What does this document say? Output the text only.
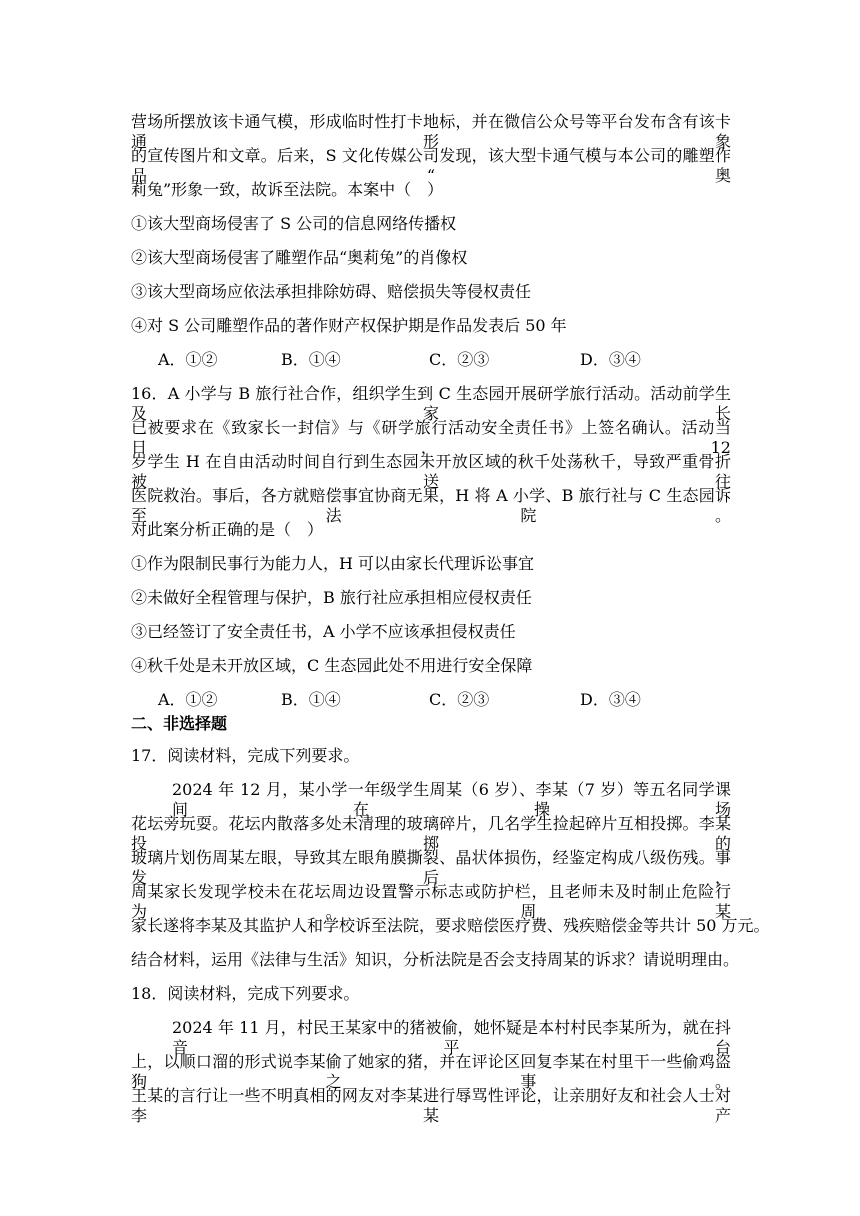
营场所摆放该卡通气模，形成临时性打卡地标，并在微信公众号等平台发布含有该卡通形象
的宣传图片和文章。后来，S 文化传媒公司发现，该大型卡通气模与本公司的雕塑作品“奥
莉兔”形象一致，故诉至法院。本案中（　）
①该大型商场侵害了 S 公司的信息网络传播权
②该大型商场侵害了雕塑作品“奥莉兔”的肖像权
③该大型商场应依法承担排除妨碍、赔偿损失等侵权责任
④对 S 公司雕塑作品的著作财产权保护期是作品发表后 50 年
A．①②	B．①④	C．②③	D．③④
16．A 小学与 B 旅行社合作，组织学生到 C 生态园开展研学旅行活动。活动前学生及家长
已被要求在《致家长一封信》与《研学旅行活动安全责任书》上签名确认。活动当日，12
岁学生 H 在自由活动时间自行到生态园未开放区域的秋千处荡秋千，导致严重骨折被送往
医院救治。事后，各方就赔偿事宜协商无果，H 将 A 小学、B 旅行社与 C 生态园诉至法院。
对此案分析正确的是（　）
①作为限制民事行为能力人，H 可以由家长代理诉讼事宜
②未做好全程管理与保护，B 旅行社应承担相应侵权责任
③已经签订了安全责任书，A 小学不应该承担侵权责任
④秋千处是未开放区域，C 生态园此处不用进行安全保障
A．①②	B．①④	C．②③	D．③④
二、非选择题
17．阅读材料，完成下列要求。
2024 年 12 月，某小学一年级学生周某（6 岁）、李某（7 岁）等五名同学课间在操场
花坛旁玩耍。花坛内散落多处未清理的玻璃碎片，几名学生捡起碎片互相投掷。李某投掷的
玻璃片划伤周某左眼，导致其左眼角膜撕裂、晶状体损伤，经鉴定构成八级伤残。事发后，
周某家长发现学校未在花坛周边设置警示标志或防护栏，且老师未及时制止危险行为。周某
家长遂将李某及其监护人和学校诉至法院，要求赔偿医疗费、残疾赔偿金等共计 50 万元。
结合材料，运用《法律与生活》知识，分析法院是否会支持周某的诉求？请说明理由。
18．阅读材料，完成下列要求。
2024 年 11 月，村民王某家中的猪被偷，她怀疑是本村村民李某所为，就在抖音平台
上，以顺口溜的形式说李某偷了她家的猪，并在评论区回复李某在村里干一些偷鸡盗狗之事。
王某的言行让一些不明真相的网友对李某进行辱骂性评论，让亲朋好友和社会人士对李某产
